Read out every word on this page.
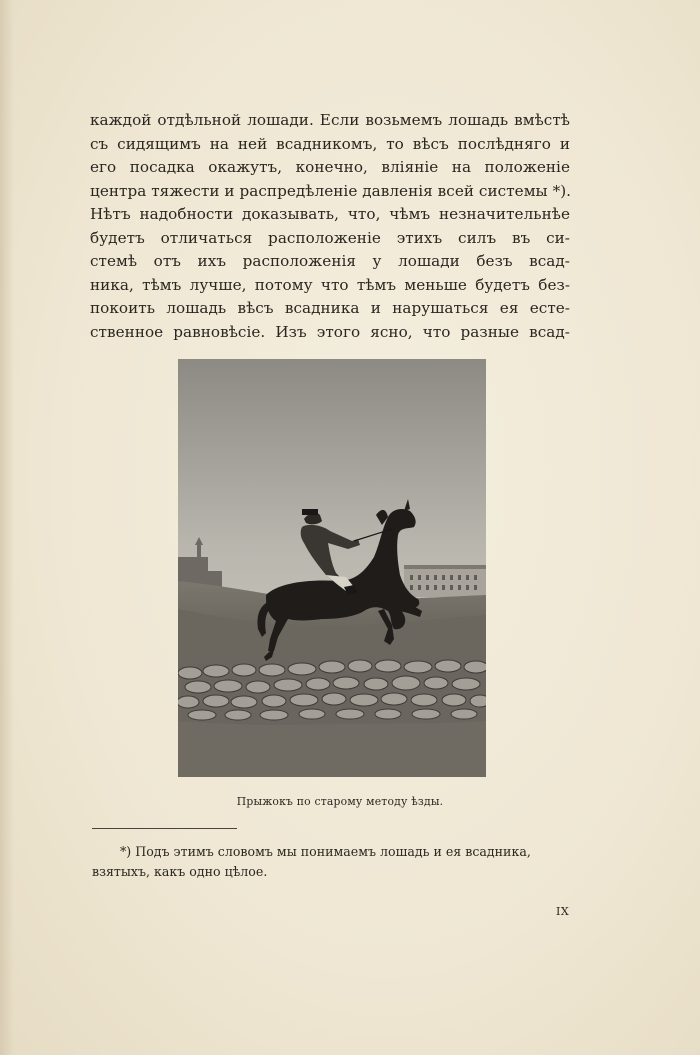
каждой отдѣльной лошади. Если возьмемъ лошадь вмѣстѣ
съ сидящимъ на ней всадникомъ, то вѣсъ послѣдняго и
его посадка окажутъ, конечно, вліяніе на положеніе
центра тяжести и распредѣленіе давленія всей системы *).
Нѣтъ надобности доказывать, что, чѣмъ незначительнѣе
будетъ отличаться расположеніе этихъ силъ въ си-
стемѣ отъ ихъ расположенія у лошади безъ всад-
ника, тѣмъ лучше, потому что тѣмъ меньше будетъ без-
покоить лошадь вѣсъ всадника и нарушаться ея есте-
ственное равновѣсіе. Изъ этого ясно, что разные всад-
Прыжокъ по старому методу ѣзды.
*) Подъ этимъ словомъ мы понимаемъ лошадь и ея всадника,
взятыхъ, какъ одно цѣлое.
IX
